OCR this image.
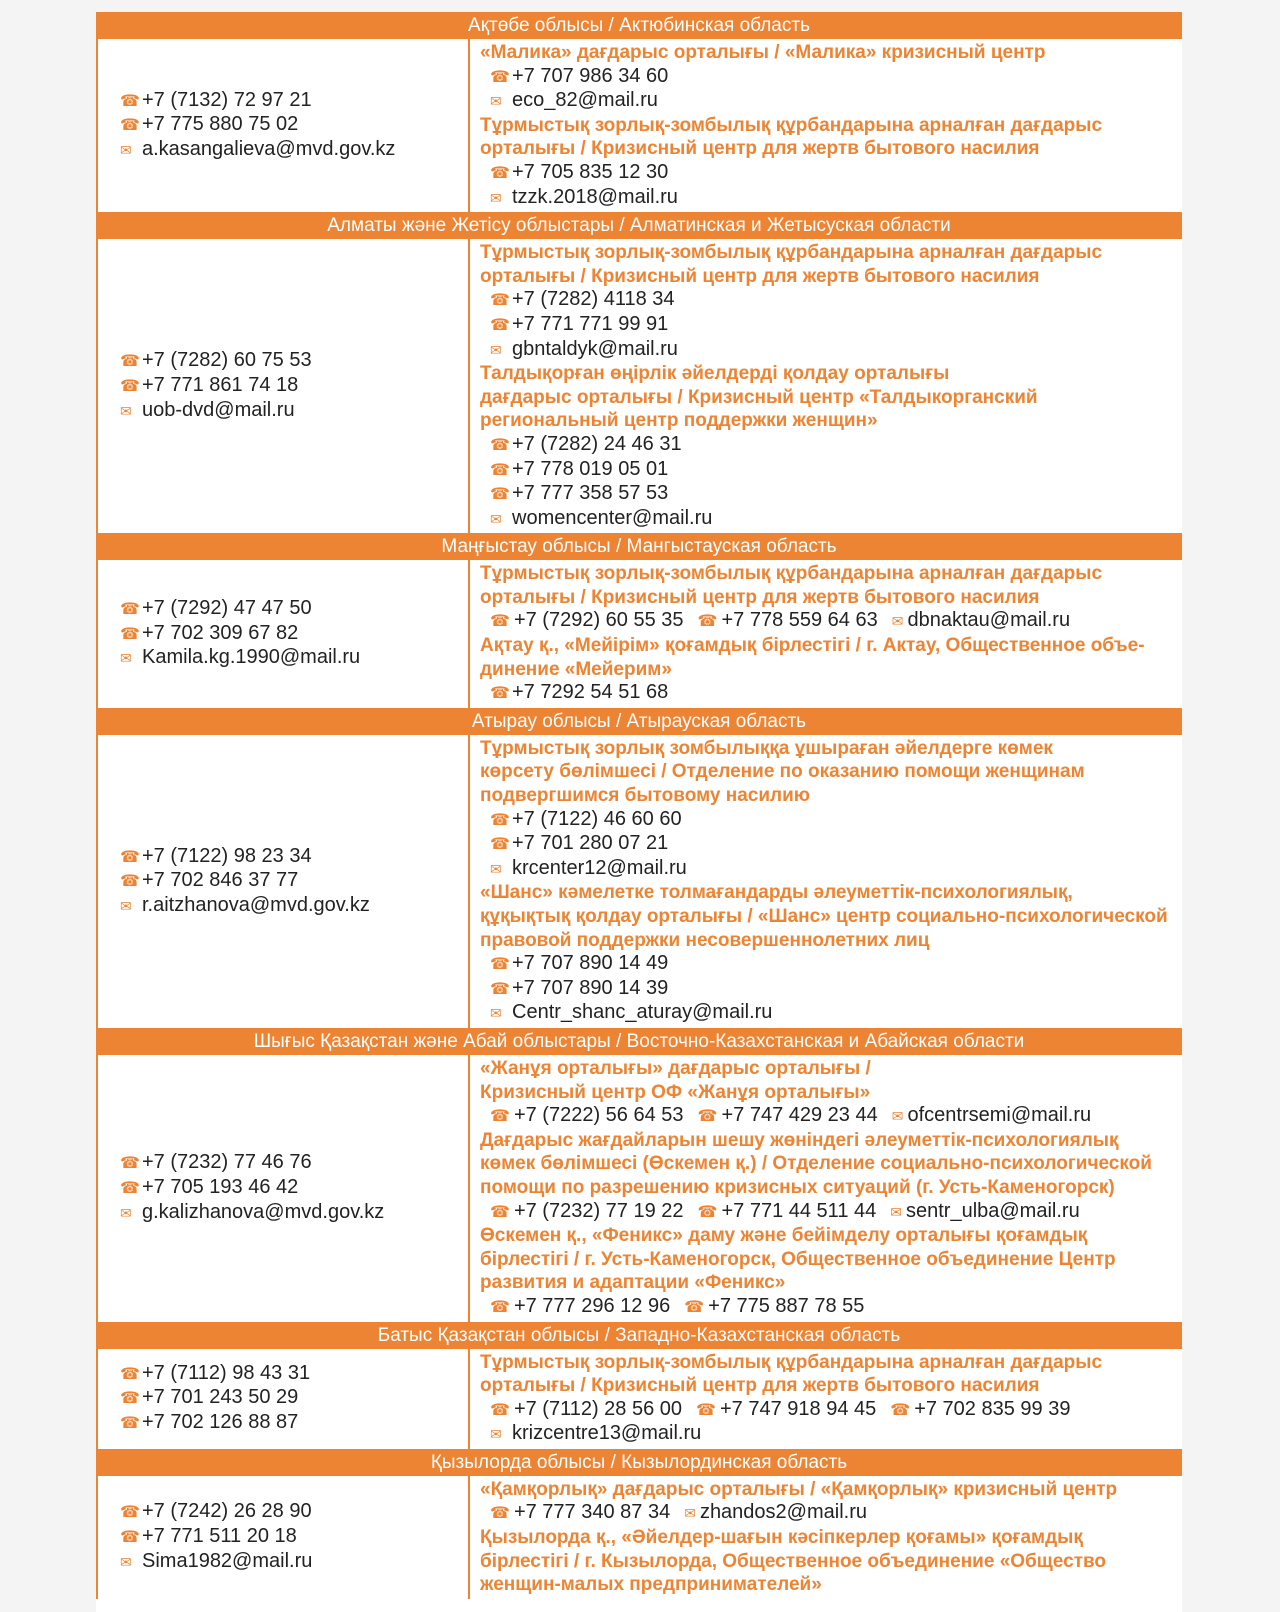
Ақтөбе облысы / Актюбинская область
☎ +7 (7132) 72 97 21
☎ +7 775 880 75 02
✉ a.kasangalieva@mvd.gov.kz
«Малика» дағдарыс орталығы / «Малика» кризисный центр
☎ +7 707 986 34 60
✉ eco_82@mail.ru
Тұрмыстық зорлық-зомбылық құрбандарына арналған дағдарыс
орталығы / Кризисный центр для жертв бытового насилия
☎ +7 705 835 12 30
✉ tzzk.2018@mail.ru
Алматы және Жетісу облыстары / Алматинская и Жетысуская области
☎ +7 (7282) 60 75 53
☎ +7 771 861 74 18
✉ uob-dvd@mail.ru
Тұрмыстық зорлық-зомбылық құрбандарына арналған дағдарыс
орталығы / Кризисный центр для жертв бытового насилия
☎ +7 (7282) 4118 34
☎ +7 771 771 99 91
✉ gbntaldyk@mail.ru
Талдықорған өңірлік әйелдерді қолдау орталығы
дағдарыс орталығы / Кризисный центр «Талдыкорганский
региональный центр поддержки женщин»
☎ +7 (7282) 24 46 31
☎ +7 778 019 05 01
☎ +7 777 358 57 53
✉ womencenter@mail.ru
Маңғыстау облысы / Мангыстауская область
☎ +7 (7292) 47 47 50
☎ +7 702 309 67 82
✉ Kamila.kg.1990@mail.ru
Тұрмыстық зорлық-зомбылық құрбандарына арналған дағдарыс
орталығы / Кризисный центр для жертв бытового насилия
☎ +7 (7292) 60 55 35 ☎ +7 778 559 64 63 ✉ dbnaktau@mail.ru
Ақтау қ., «Мейірім» қоғамдық бірлестігі / г. Актау, Общественное объе-
динение «Мейерим»
☎ +7 7292 54 51 68
Атырау облысы / Атырауская область
☎ +7 (7122) 98 23 34
☎ +7 702 846 37 77
✉ r.aitzhanova@mvd.gov.kz
Тұрмыстық зорлық зомбылыққа ұшыраған әйелдерге көмек
көрсету бөлімшесі / Отделение по оказанию помощи женщинам
подвергшимся бытовому насилию
☎ +7 (7122) 46 60 60
☎ +7 701 280 07 21
✉ krcenter12@mail.ru
«Шанс» кәмелетке толмағандарды әлеуметтік-психологиялық,
құқықтық қолдау орталығы / «Шанс» центр социально-психологической
правовой поддержки несовершеннолетних лиц
☎ +7 707 890 14 49
☎ +7 707 890 14 39
✉ Centr_shanc_aturay@mail.ru
Шығыс Қазақстан және Абай облыстары / Восточно-Казахстанская и Абайская области
☎ +7 (7232) 77 46 76
☎ +7 705 193 46 42
✉ g.kalizhanova@mvd.gov.kz
«Жанұя орталығы» дағдарыс орталығы /
Кризисный центр ОФ «Жанұя орталығы»
☎ +7 (7222) 56 64 53 ☎ +7 747 429 23 44 ✉ ofcentrsemi@mail.ru
Дағдарыс жағдайларын шешу жөніндегі әлеуметтік-психологиялық
көмек бөлімшесі (Өскемен қ.) / Отделение социально-психологической
помощи по разрешению кризисных ситуаций (г. Усть-Каменогорск)
☎ +7 (7232) 77 19 22 ☎ +7 771 44 511 44 ✉ sentr_ulba@mail.ru
Өскемен қ., «Феникс» даму және бейімделу орталығы қоғамдық
бірлестігі / г. Усть-Каменогорск, Общественное объединение Центр
развития и адаптации «Феникс»
☎ +7 777 296 12 96 ☎ +7 775 887 78 55
Батыс Қазақстан облысы / Западно-Казахстанская область
☎ +7 (7112) 98 43 31
☎ +7 701 243 50 29
☎ +7 702 126 88 87
Тұрмыстық зорлық-зомбылық құрбандарына арналған дағдарыс
орталығы / Кризисный центр для жертв бытового насилия
☎ +7 (7112) 28 56 00 ☎ +7 747 918 94 45 ☎ +7 702 835 99 39
✉ krizcentre13@mail.ru
Қызылорда облысы / Кызылординская область
☎ +7 (7242) 26 28 90
☎ +7 771 511 20 18
✉ Sima1982@mail.ru
«Қамқорлық» дағдарыс орталығы / «Қамқорлық» кризисный центр
☎ +7 777 340 87 34 ✉ zhandos2@mail.ru
Қызылорда қ., «Әйелдер-шағын кәсіпкерлер қоғамы» қоғамдық
бірлестігі / г. Кызылорда, Общественное объединение «Общество
женщин-малых предпринимателей»
